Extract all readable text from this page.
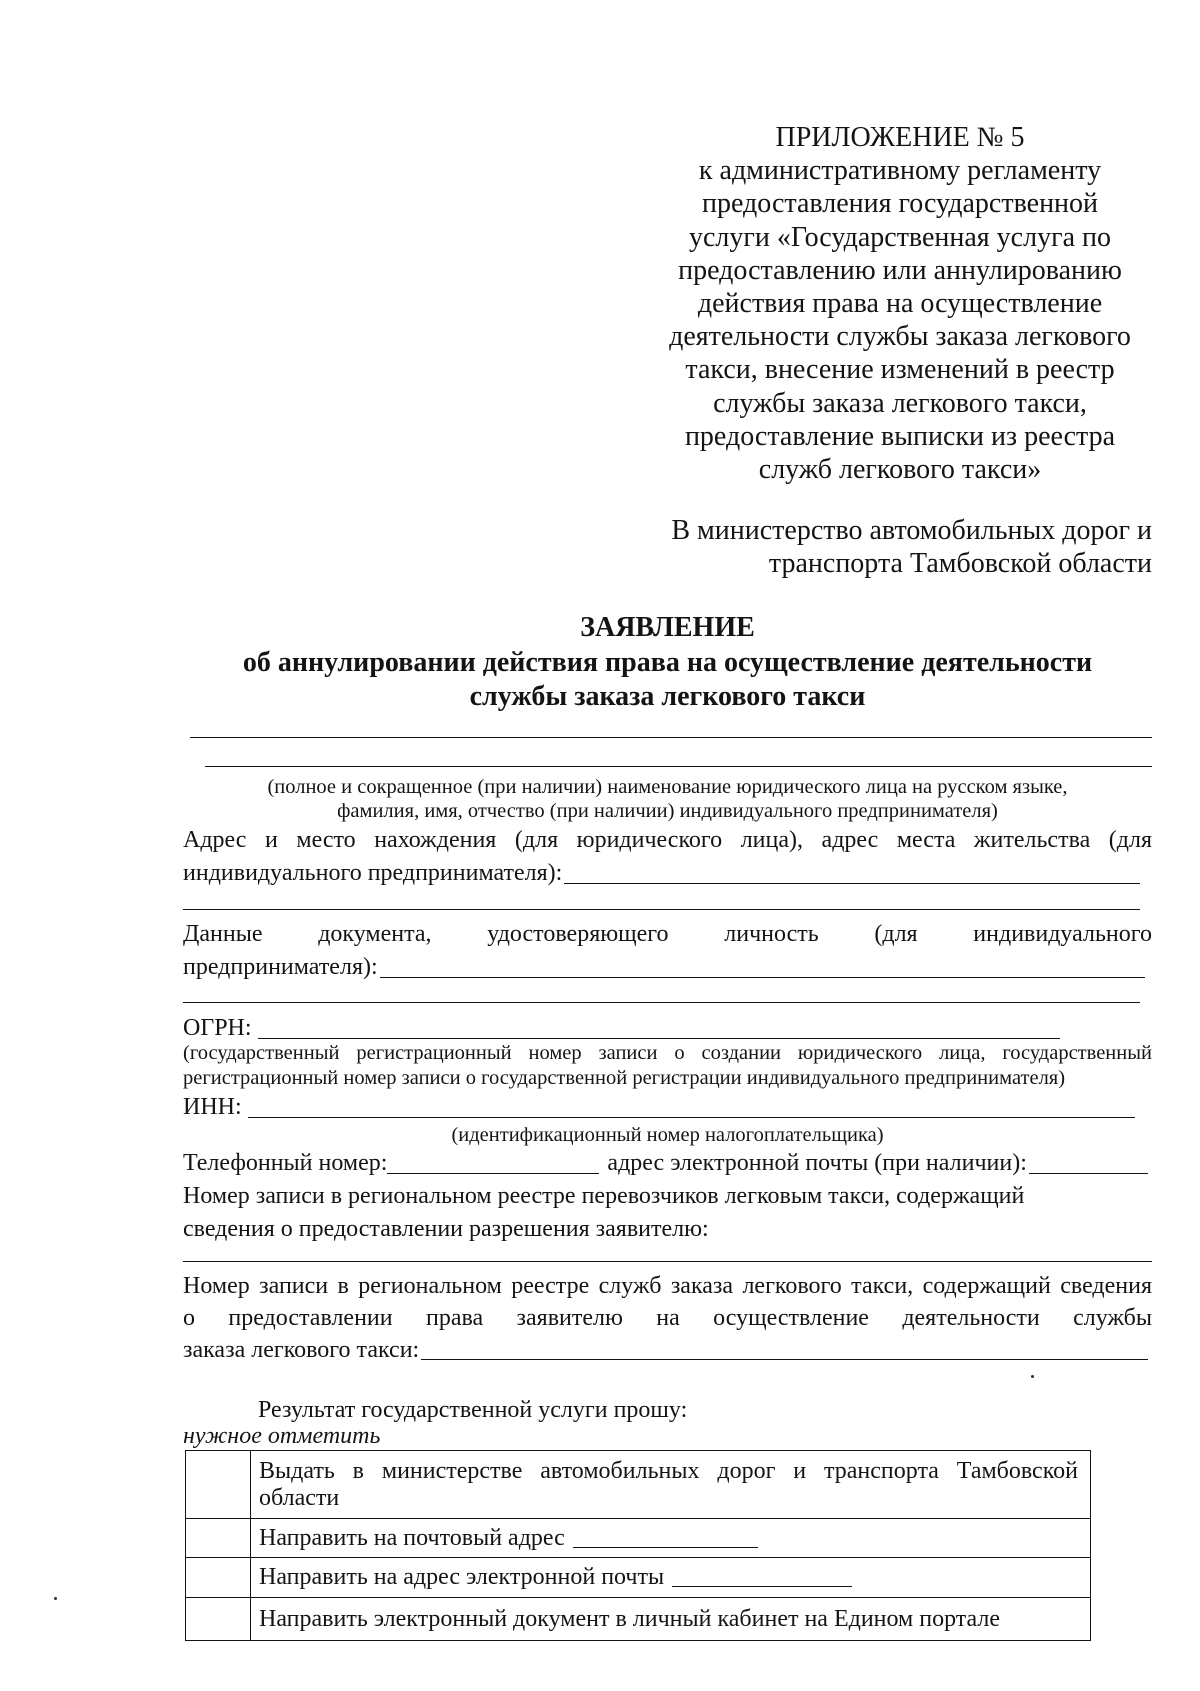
ПРИЛОЖЕНИЕ № 5
к административному регламенту
предоставления государственной
услуги «Государственная услуга по
предоставлению или аннулированию
действия права на осуществление
деятельности службы заказа легкового
такси, внесение изменений в реестр
службы заказа легкового такси,
предоставление выписки из реестра
служб легкового такси»
В министерство автомобильных дорог и
транспорта Тамбовской области
ЗАЯВЛЕНИЕ
об аннулировании действия права на осуществление деятельности
службы заказа легкового такси
(полное и сокращенное (при наличии) наименование юридического лица на русском языке,
фамилия, имя, отчество (при наличии) индивидуального предпринимателя)
Адрес и место нахождения (для юридического лица), адрес места жительства (для
индивидуального предпринимателя):
Данные документа, удостоверяющего личность (для индивидуального
предпринимателя):
ОГРН:
(государственный регистрационный номер записи о создании юридического лица, государственный
регистрационный номер записи о государственной регистрации индивидуального предпринимателя)
ИНН:
(идентификационный номер налогоплательщика)
Телефонный номер:	адрес электронной почты (при наличии):
Номер записи в региональном реестре перевозчиков легковым такси, содержащий
сведения о предоставлении разрешения заявителю:
Номер записи в региональном реестре служб заказа легкового такси, содержащий сведения
о предоставлении права заявителю на осуществление деятельности службы
заказа легкового такси:
Результат государственной услуги прошу:
нужное отметить
	Выдать в министерстве автомобильных дорог и транспорта Тамбовской области
	Направить на почтовый адрес
	Направить на адрес электронной почты
	Направить электронный документ в личный кабинет на Едином портале
